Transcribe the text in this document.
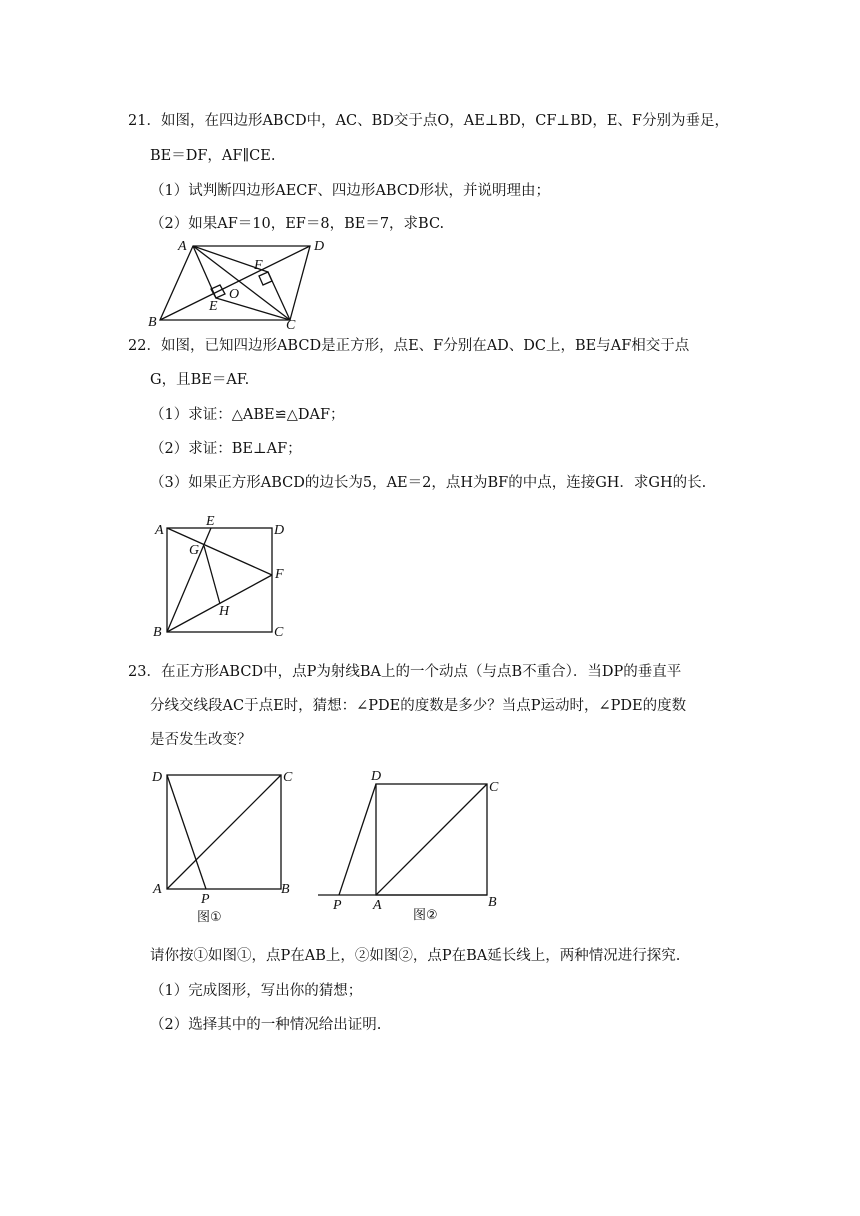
21．如图，在四边形ABCD中，AC、BD交于点O，AE⊥BD，CF⊥BD，E、F分别为垂足，
BE＝DF，AF∥CE.
（1）试判断四边形AECF、四边形ABCD形状，并说明理由；
（2）如果AF＝10，EF＝8，BE＝7，求BC.
A	D
B	C
E
F
O
22．如图，已知四边形ABCD是正方形，点E、F分别在AD、DC上，BE与AF相交于点
G，且BE＝AF.
（1）求证：△ABE≌△DAF；
（2）求证：BE⊥AF；
（3）如果正方形ABCD的边长为5，AE＝2，点H为BF的中点，连接GH．求GH的长.
A
E
D
F
G
H
B	C
23．在正方形ABCD中，点P为射线BA上的一个动点（与点B不重合）．当DP的垂直平
分线交线段AC于点E时，猜想：∠PDE的度数是多少？当点P运动时，∠PDE的度数
是否发生改变？
D	C
A
P
B
图①
D
C
P A	B
图②
请你按①如图①，点P在AB上，②如图②，点P在BA延长线上，两种情况进行探究.
（1）完成图形，写出你的猜想；
（2）选择其中的一种情况给出证明.
